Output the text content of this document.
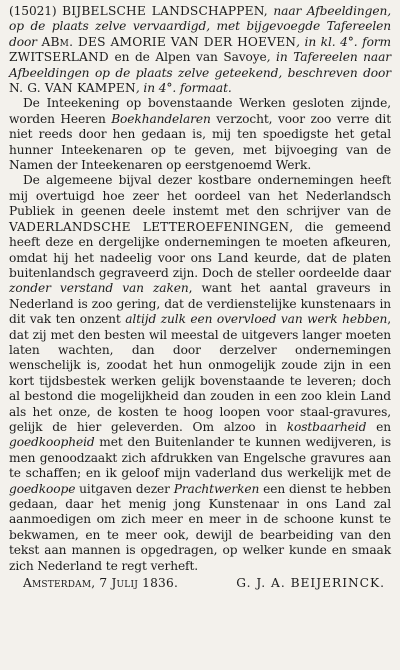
(15021) BIJBELSCHE LANDSCHAPPEN, naar Afbeeldingen, op de plaats zelve vervaardigd, met bijgevoegde Tafereelen door ABm. DES AMORIE VAN DER HOEVEN, in kl. 4°. form ZWITSERLAND en de Alpen van Savoye, in Tafereelen naar Afbeeldingen op de plaats zelve geteekend, beschreven door N. G. VAN KAMPEN, in 4°. formaat.

De Inteekening op bovenstaande Werken gesloten zijnde, worden Heeren Boekhandelaren verzocht, voor zoo verre dit niet reeds door hen gedaan is, mij ten spoedigste het getal hunner Inteekenaren op te geven, met bijvoeging van de Namen der Inteekenaren op eerstgenoemd Werk.

De algemeene bijval dezer kostbare ondernemingen heeft mij overtuigd hoe zeer het oordeel van het Nederlandsch Publiek in geenen deele instemt met den schrijver van de VADERLANDSCHE LETTEROEFENINGEN, die gemeend heeft deze en dergelijke ondernemingen te moeten afkeuren, omdat hij het nadeelig voor ons Land keurde, dat de platen buitenlandsch gegraveerd zijn. Doch de steller oordeelde daar zonder verstand van zaken, want het aantal graveurs in Nederland is zoo gering, dat de verdienstelijke kunstenaars in dit vak ten onzent altijd zulk een overvloed van werk hebben, dat zij met den besten wil meestal de uitgevers langer moeten laten wachten, dan door derzelver ondernemingen wenschelijk is, zoodat het hun onmogelijk zoude zijn in een kort tijdsbestek werken gelijk bovenstaande te leveren; doch al bestond die mogelijkheid dan zouden in een zoo klein Land als het onze, de kosten te hoog loopen voor staal-gravures, gelijk de hier geleverden. Om alzoo in kostbaarheid en goedkoopheid met den Buitenlander te kunnen wedijveren, is men genoodzaakt zich afdrukken van Engelsche gravures aan te schaffen; en ik geloof mijn vaderland dus werkelijk met de goedkoope uitgaven dezer Prachtwerken een dienst te hebben gedaan, daar het menig jong Kunstenaar in ons Land zal aanmoedigen om zich meer en meer in de schoone kunst te bekwamen, en te meer ook, dewijl de bearbeiding van den tekst aan mannen is opgedragen, op welker kunde en smaak zich Nederland te regt verheft.

Amsterdam, 7 Julij 1836.	G. J. A. BEIJERINCK.
